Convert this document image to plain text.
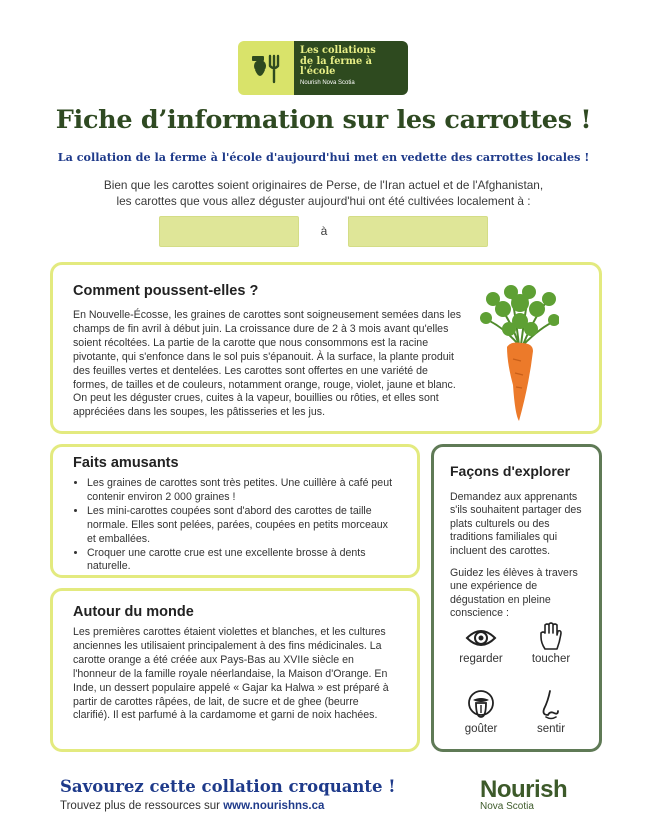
Les collations
de la ferme à
l'école
Nourish Nova Scotia
Fiche d’information sur les carrottes !
La collation de la ferme à l'école d'aujourd'hui met en vedette des carrottes locales !
Bien que les carottes soient originaires de Perse, de l'Iran actuel et de l'Afghanistan,
les carottes que vous allez déguster aujourd'hui ont été cultivées localement à :
à
Comment poussent-elles ?

En Nouvelle-Écosse, les graines de carottes sont soigneusement semées dans les champs de fin avril à début juin. La croissance dure de 2 à 3 mois avant qu'elles soient récoltées. La partie de la carotte que nous consommons est la racine pivotante, qui s'enfonce dans le sol puis s'épanouit. À la surface, la plante produit des feuilles vertes et dentelées. Les carottes sont offertes en une variété de formes, de tailles et de couleurs, notamment orange, rouge, violet, jaune et blanc. On peut les déguster crues, cuites à la vapeur, bouillies ou rôties, et elles sont appréciées dans les soupes, les pâtisseries et les jus.

Faits amusants
• Les graines de carottes sont très petites. Une cuillère à café peut contenir environ 2 000 graines !
• Les mini-carottes coupées sont d'abord des carottes de taille normale. Elles sont pelées, parées, coupées en petits morceaux et emballées.
• Croquer une carotte crue est une excellente brosse à dents naturelle.
Autour du monde

Les premières carottes étaient violettes et blanches, et les cultures anciennes les utilisaient principalement à des fins médicinales. La carotte orange a été créée aux Pays-Bas au XVIIe siècle en l'honneur de la famille royale néerlandaise, la Maison d'Orange. En Inde, un dessert populaire appelé « Gajar ka Halwa » est préparé à partir de carottes râpées, de lait, de sucre et de ghee (beurre clarifié). Il est parfumé à la cardamome et garni de noix hachées.

Façons d'explorer

Demandez aux apprenants s'ils souhaitent partager des plats culturels ou des traditions familiales qui incluent des carottes.

Guidez les élèves à travers une expérience de dégustation en pleine conscience :

regarder	toucher
goûter	sentir
Savourez cette collation croquante !
Trouvez plus de ressources sur www.nourishns.ca
Nourish
Nova Scotia
